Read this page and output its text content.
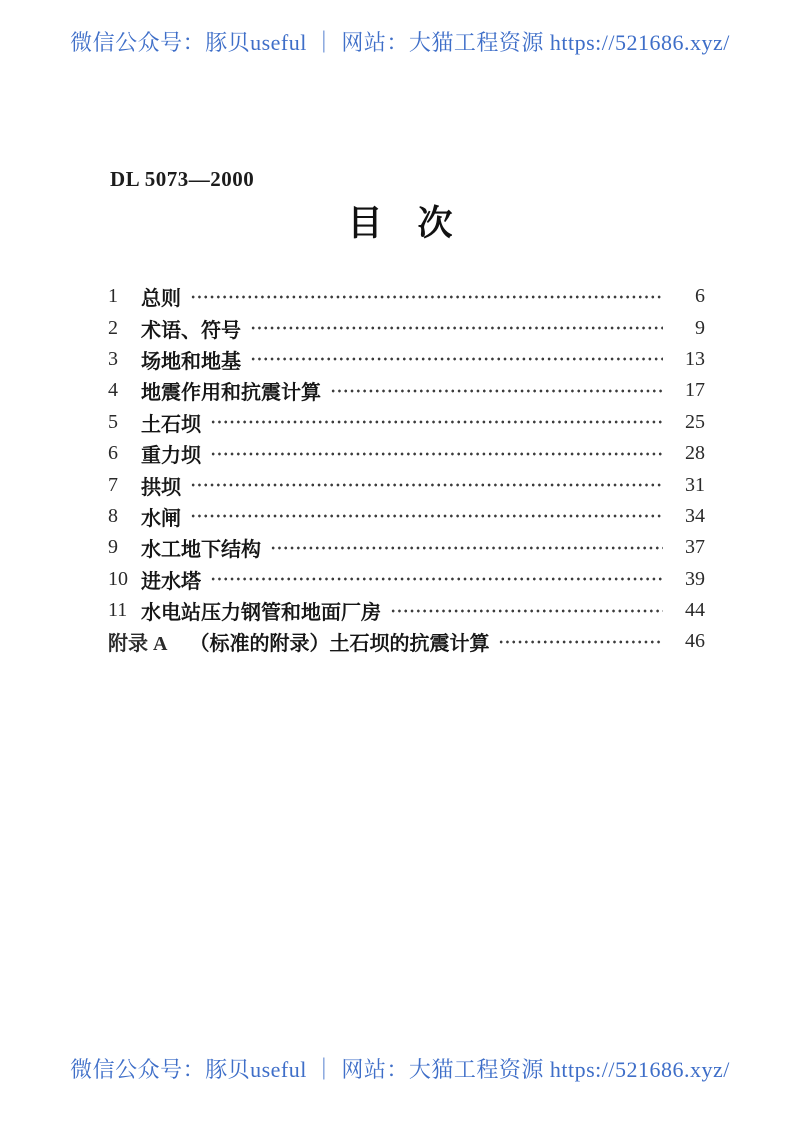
微信公众号：豚贝useful ｜ 网站：大猫工程资源 https://521686.xyz/
DL 5073—2000
目　次
1	总则	6
2	术语、符号	9
3	场地和地基	13
4	地震作用和抗震计算	17
5	土石坝	25
6	重力坝	28
7	拱坝	31
8	水闸	34
9	水工地下结构	37
10 进水塔	39
11 水电站压力钢管和地面厂房	44
附录 A （标准的附录）土石坝的抗震计算	46
微信公众号：豚贝useful ｜ 网站：大猫工程资源 https://521686.xyz/
